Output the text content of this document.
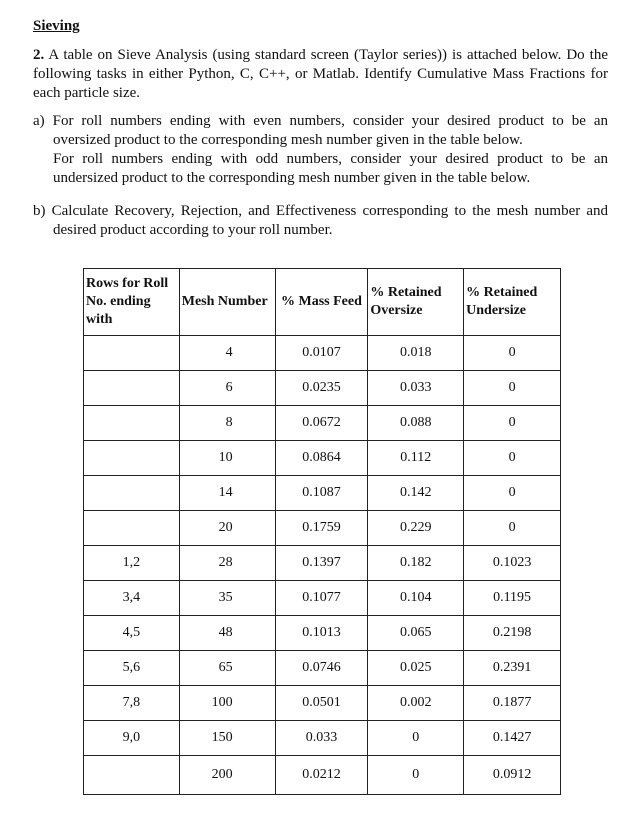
Sieving
2. A table on Sieve Analysis (using standard screen (Taylor series)) is attached below. Do the following tasks in either Python, C, C++, or Matlab. Identify Cumulative Mass Fractions for each particle size.
a) For roll numbers ending with even numbers, consider your desired product to be an oversized product to the corresponding mesh number given in the table below.
For roll numbers ending with odd numbers, consider your desired product to be an undersized product to the corresponding mesh number given in the table below.
b) Calculate Recovery, Rejection, and Effectiveness corresponding to the mesh number and desired product according to your roll number.
Rows for Roll No. ending with	Mesh Number	% Mass Feed	% Retained Oversize	% Retained Undersize
	4	0.0107	0.018	0
	6	0.0235	0.033	0
	8	0.0672	0.088	0
	10	0.0864	0.112	0
	14	0.1087	0.142	0
	20	0.1759	0.229	0
1,2	28	0.1397	0.182	0.1023
3,4	35	0.1077	0.104	0.1195
4,5	48	0.1013	0.065	0.2198
5,6	65	0.0746	0.025	0.2391
7,8	100	0.0501	0.002	0.1877
9,0	150	0.033	0	0.1427
	200	0.0212	0	0.0912
